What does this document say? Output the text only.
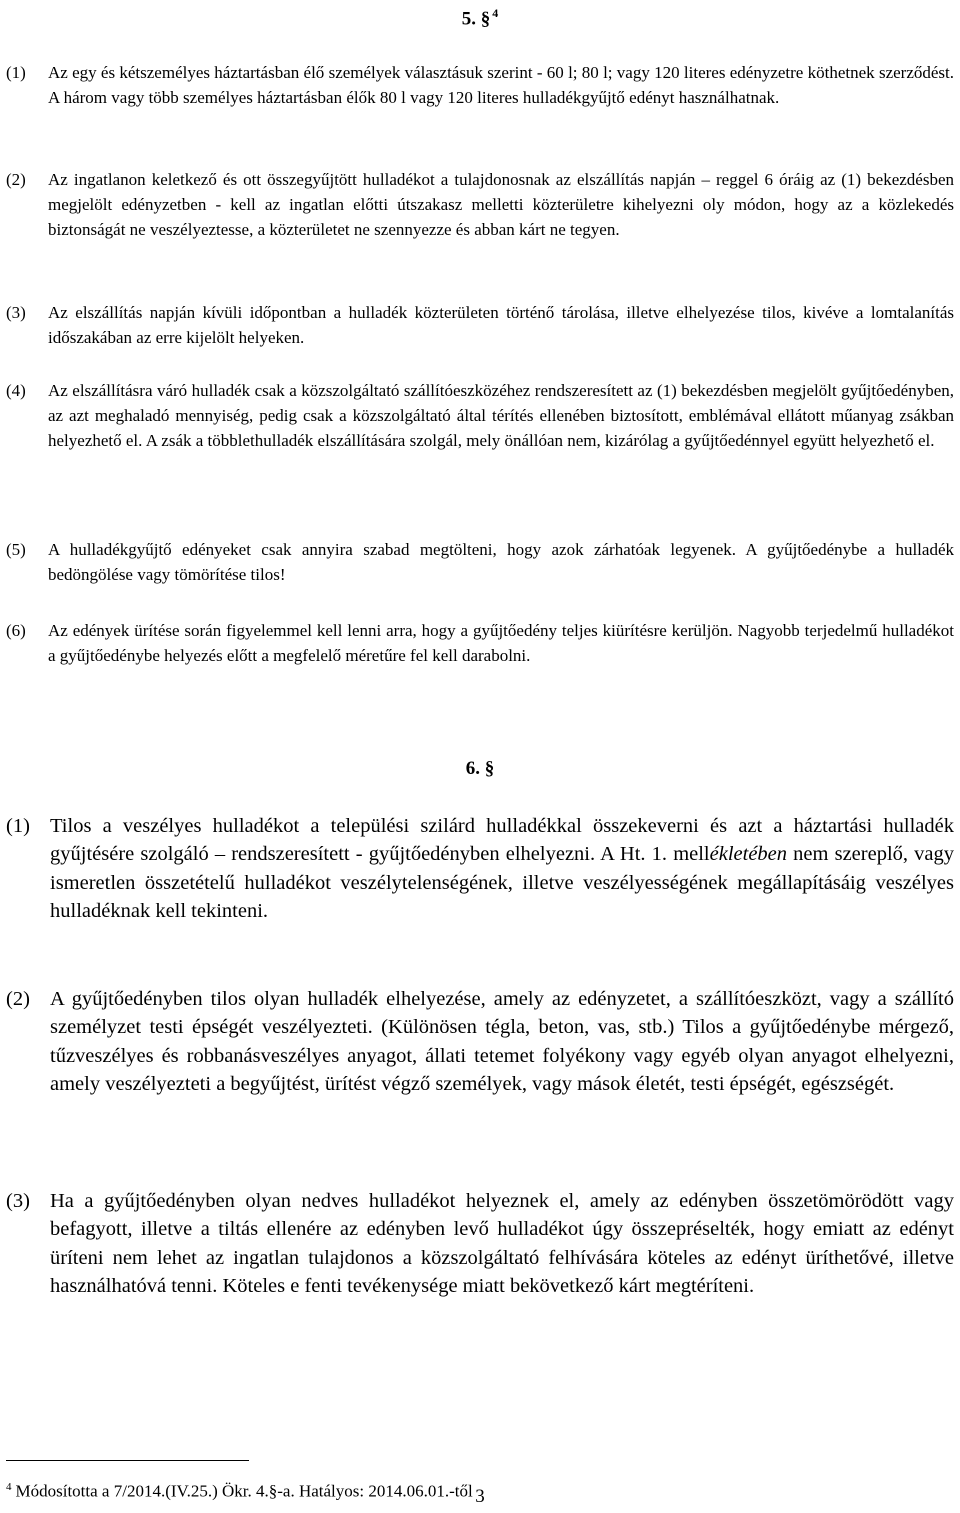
5. § $^4$
(1) Az egy és kétszemélyes háztartásban élő személyek választásuk szerint - 60 l; 80 l; vagy 120 literes edényzetre köthetnek szerződést. A három vagy több személyes háztartásban élők 80 l vagy 120 literes hulladékgyűjtő edényt használhatnak.
(2) Az ingatlanon keletkező és ott összegyűjtött hulladékot a tulajdonosnak az elszállítás napján – reggel 6 óráig az (1) bekezdésben megjelölt edényzetben - kell az ingatlan előtti útszakasz melletti közterületre kihelyezni oly módon, hogy az a közlekedés biztonságát ne veszélyeztesse, a közterületet ne szennyezze és abban kárt ne tegyen.
(3) Az elszállítás napján kívüli időpontban a hulladék közterületen történő tárolása, illetve elhelyezése tilos, kivéve a lomtalanítás időszakában az erre kijelölt helyeken.
(4) Az elszállításra váró hulladék csak a közszolgáltató szállítóeszközéhez rendszeresített az (1) bekezdésben megjelölt gyűjtőedényben, az azt meghaladó mennyiség, pedig csak a közszolgáltató által térítés ellenében biztosított, emblémával ellátott műanyag zsákban helyezhető el. A zsák a többlethulladék elszállítására szolgál, mely önállóan nem, kizárólag a gyűjtőedénnyel együtt helyezhető el.
(5) A hulladékgyűjtő edényeket csak annyira szabad megtölteni, hogy azok zárhatóak legyenek. A gyűjtőedénybe a hulladék bedöngölése vagy tömörítése tilos!
(6) Az edények ürítése során figyelemmel kell lenni arra, hogy a gyűjtőedény teljes kiürítésre kerüljön. Nagyobb terjedelmű hulladékot a gyűjtőedénybe helyezés előtt a megfelelő méretűre fel kell darabolni.
6. §
(1) Tilos a veszélyes hulladékot a települési szilárd hulladékkal összekeverni és azt a háztartási hulladék gyűjtésére szolgáló – rendszeresített - gyűjtőedényben elhelyezni. A Ht. 1. mellékletében nem szereplő, vagy ismeretlen összetételű hulladékot veszélytelenségének, illetve veszélyességének megállapításáig veszélyes hulladéknak kell tekinteni.
(2) A gyűjtőedényben tilos olyan hulladék elhelyezése, amely az edényzetet, a szállítóeszközt, vagy a szállító személyzet testi épségét veszélyezteti. (Különösen tégla, beton, vas, stb.) Tilos a gyűjtőedénybe mérgező, tűzveszélyes és robbanásveszélyes anyagot, állati tetemet folyékony vagy egyéb olyan anyagot elhelyezni, amely veszélyezteti a begyűjtést, ürítést végző személyek, vagy mások életét, testi épségét, egészségét.
(3) Ha a gyűjtőedényben olyan nedves hulladékot helyeznek el, amely az edényben összetömörödött vagy befagyott, illetve a tiltás ellenére az edényben levő hulladékot úgy összepréselték, hogy emiatt az edényt üríteni nem lehet az ingatlan tulajdonos a közszolgáltató felhívására köteles az edényt üríthetővé, illetve használhatóvá tenni. Köteles e fenti tevékenysége miatt bekövetkező kárt megtéríteni.

$^4$ Módosította a 7/2014.(IV.25.) Ökr. 4.§-a. Hatályos: 2014.06.01.-től 3
